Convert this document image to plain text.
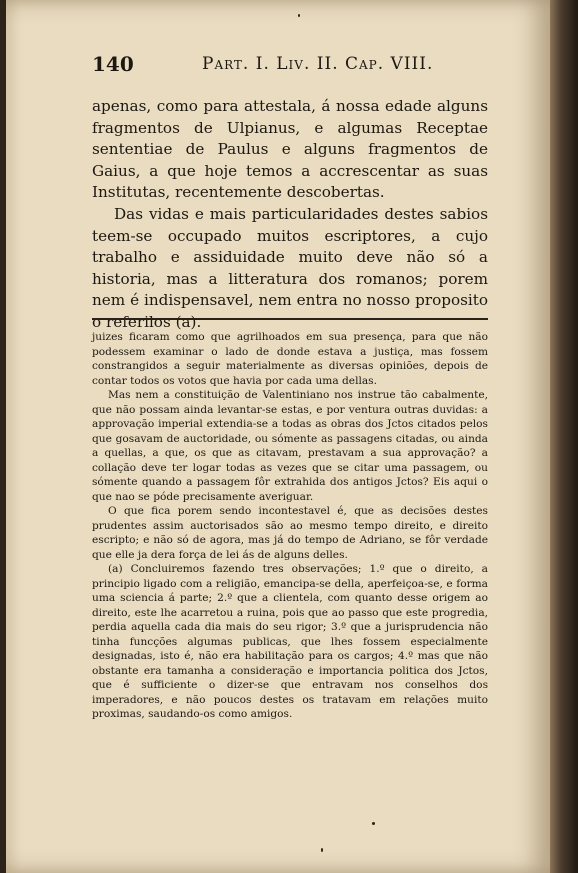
140	Part. I. Liv. II. Cap. VIII.

apenas, como para attestala, á nossa edade alguns fragmentos de Ulpianus, e algumas Receptae sententiae de Paulus e alguns fragmentos de Gaius, a que hoje temos a accrescentar as suas Institutas, recentemente descobertas.

Das vidas e mais particularidades destes sabios teem-se occupado muitos escriptores, a cujo trabalho e assiduidade muito deve não só a historia, mas a litteratura dos romanos; porem nem é indispensavel, nem entra no nosso proposito o referilos (a).

juizes ficaram como que agrilhoados em sua presença, para que não podessem examinar o lado de donde estava a justiça, mas fossem constrangidos a seguir materialmente as diversas opiniões, depois de contar todos os votos que havia por cada uma dellas.

Mas nem a constituição de Valentiniano nos instrue tão cabalmente, que não possam ainda levantar-se estas, e por ventura outras duvidas: a approvação imperial extendia-se a todas as obras dos Jctos citados pelos que gosavam de auctoridade, ou sómente as passagens citadas, ou ainda a quellas, a que, os que as citavam, prestavam a sua approvação? a collação deve ter logar todas as vezes que se citar uma passagem, ou sómente quando a passagem fôr extrahida dos antigos Jctos? Eis aqui o que nao se póde precisamente averiguar.

O que fica porem sendo incontestavel é, que as decisões destes prudentes assim auctorisados são ao mesmo tempo direito, e direito escripto; e não só de agora, mas já do tempo de Adriano, se fôr verdade que elle ja dera força de lei ás de alguns delles.

(a) Concluiremos fazendo tres observações; 1.º que o direito, a principio ligado com a religião, emancipa-se della, aperfeiçoa-se, e forma uma sciencia á parte; 2.º que a clientela, com quanto desse origem ao direito, este lhe acarretou a ruina, pois que ao passo que este progredia, perdia aquella cada dia mais do seu rigor; 3.º que a jurisprudencia não tinha funcções algumas publicas, que lhes fossem especialmente designadas, isto é, não era habilitação para os cargos; 4.º mas que não obstante era tamanha a consideração e importancia politica dos Jctos, que é sufficiente o dizer-se que entravam nos conselhos dos imperadores, e não poucos destes os tratavam em relações muito proximas, saudando-os como amigos.
